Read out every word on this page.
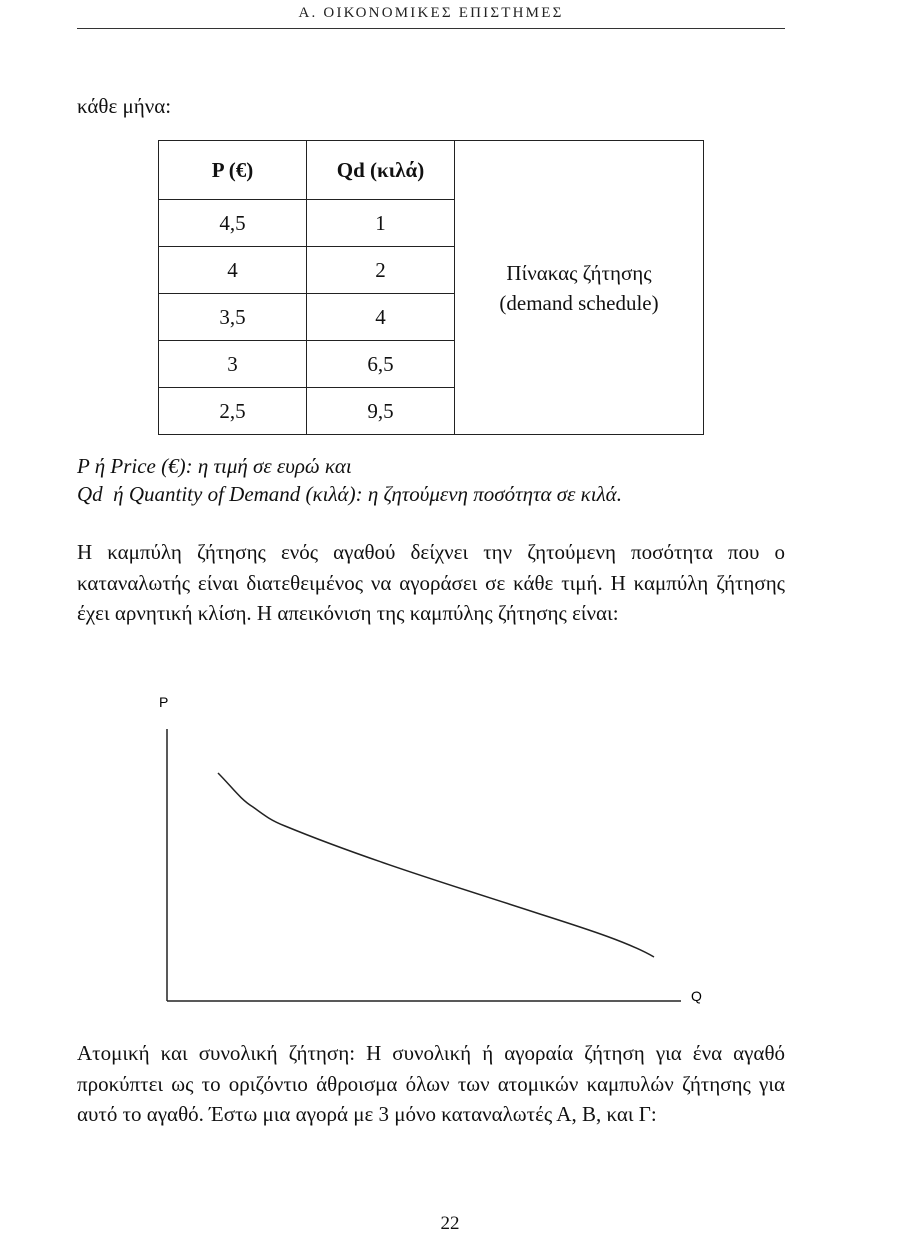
Α. ΟΙΚΟΝΟΜΙΚΕΣ ΕΠΙΣΤΗΜΕΣ
κάθε μήνα:
P (€)	Qd (κιλά)	Πίνακας ζήτησης
(demand schedule)

4,5	1	
4	2	
3,5	4	
3	6,5	
2,5	9,5	
P ή Price (€): η τιμή σε ευρώ και
Qd  ή Quantity of Demand (κιλά): η ζητούμενη ποσότητα σε κιλά.

Η καμπύλη ζήτησης ενός αγαθού δείχνει την ζητούμενη ποσότητα που ο καταναλωτής είναι διατεθειμένος να αγοράσει σε κάθε τιμή. Η καμπύλη ζήτησης έχει αρνητική κλίση. Η απεικόνιση της καμπύλης ζήτησης είναι:

P
Q

Ατομική και συνολική ζήτηση: Η συνολική ή αγοραία ζήτηση για ένα αγαθό προκύπτει ως το οριζόντιο άθροισμα όλων των ατομικών καμπυλών ζήτησης για αυτό το αγαθό. Έστω μια αγορά με 3 μόνο καταναλωτές Α, Β, και Γ:

22
